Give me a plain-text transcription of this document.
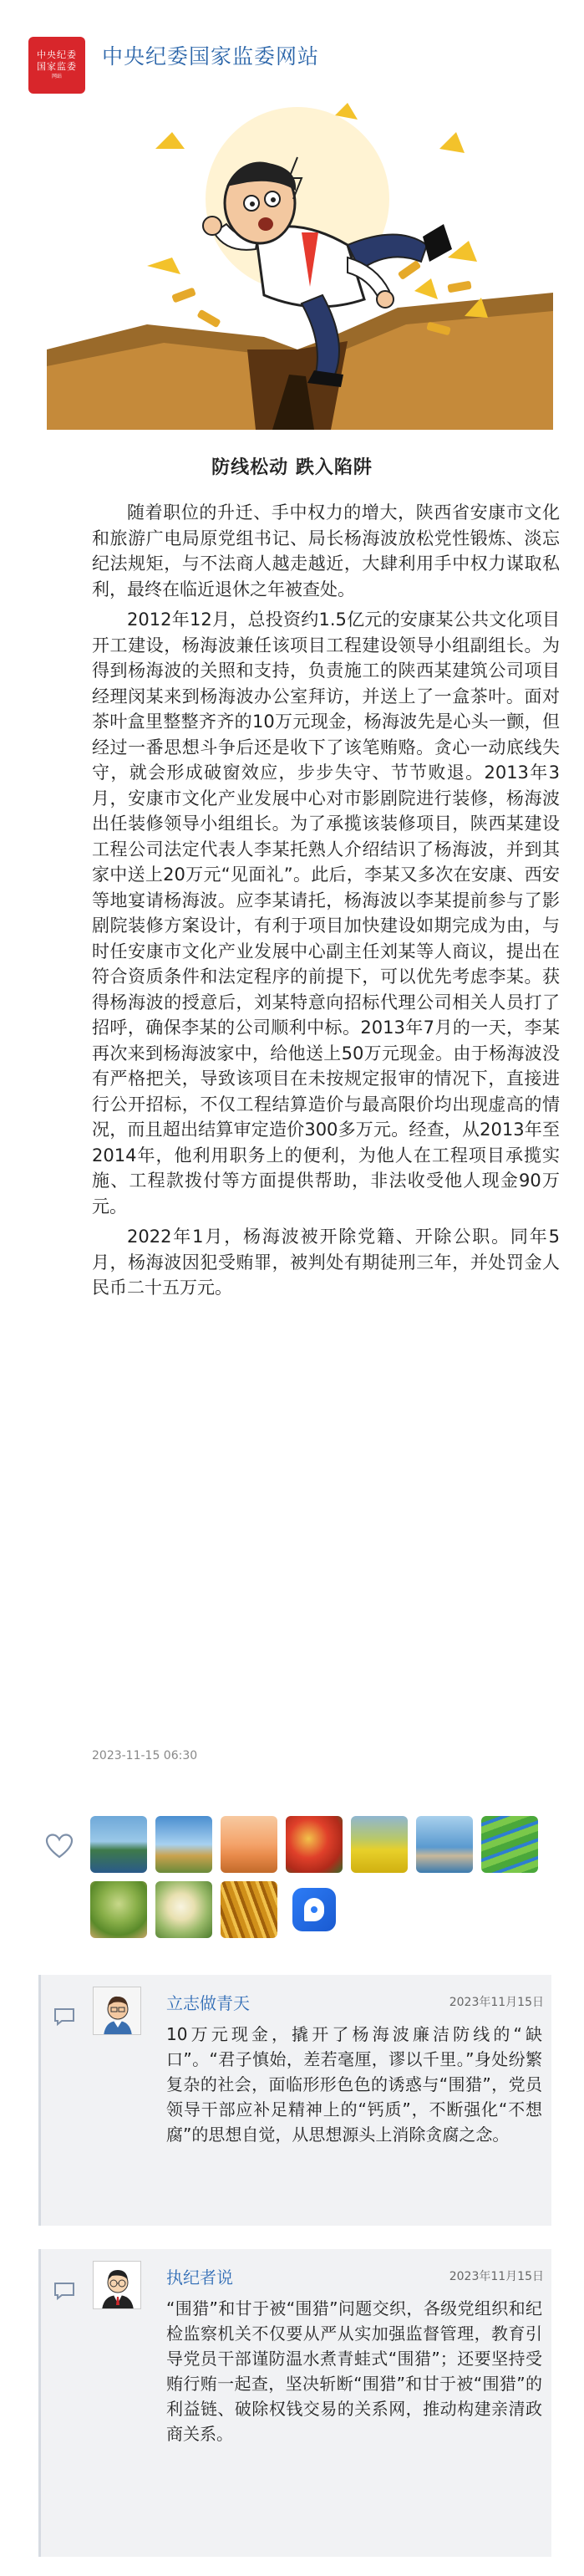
中央纪委
国家监委
网站
中央纪委国家监委网站
防线松动 跌入陷阱

随着职位的升迁、手中权力的增大，陕西省安康市文化和旅游广电局原党组书记、局长杨海波放松党性锻炼、淡忘纪法规矩，与不法商人越走越近，大肆利用手中权力谋取私利，最终在临近退休之年被查处。

2012年12月，总投资约1.5亿元的安康某公共文化项目开工建设，杨海波兼任该项目工程建设领导小组副组长。为得到杨海波的关照和支持，负责施工的陕西某建筑公司项目经理闵某来到杨海波办公室拜访，并送上了一盒茶叶。面对茶叶盒里整整齐齐的10万元现金，杨海波先是心头一颤，但经过一番思想斗争后还是收下了该笔贿赂。贪心一动底线失守，就会形成破窗效应，步步失守、节节败退。2013年3月，安康市文化产业发展中心对市影剧院进行装修，杨海波出任装修领导小组组长。为了承揽该装修项目，陕西某建设工程公司法定代表人李某托熟人介绍结识了杨海波，并到其家中送上20万元“见面礼”。此后，李某又多次在安康、西安等地宴请杨海波。应李某请托，杨海波以李某提前参与了影剧院装修方案设计，有利于项目加快建设如期完成为由，与时任安康市文化产业发展中心副主任刘某等人商议，提出在符合资质条件和法定程序的前提下，可以优先考虑李某。获得杨海波的授意后，刘某特意向招标代理公司相关人员打了招呼，确保李某的公司顺利中标。2013年7月的一天，李某再次来到杨海波家中，给他送上50万元现金。由于杨海波没有严格把关，导致该项目在未按规定报审的情况下，直接进行公开招标，不仅工程结算造价与最高限价均出现虚高的情况，而且超出结算审定造价300多万元。经查，从2013年至2014年，他利用职务上的便利，为他人在工程项目承揽实施、工程款拨付等方面提供帮助，非法收受他人现金90万元。

2022年1月，杨海波被开除党籍、开除公职。同年5月，杨海波因犯受贿罪，被判处有期徒刑三年，并处罚金人民币二十五万元。

2023-11-15 06:30
立志做青天	2023年11月15日
10万元现金，撬开了杨海波廉洁防线的“缺口”。“君子慎始，差若毫厘，谬以千里。”身处纷繁复杂的社会，面临形形色色的诱惑与“围猎”，党员领导干部应补足精神上的“钙质”，不断强化“不想腐”的思想自觉，从思想源头上消除贪腐之念。
执纪者说	2023年11月15日
“围猎”和甘于被“围猎”问题交织，各级党组织和纪检监察机关不仅要从严从实加强监督管理，教育引导党员干部谨防温水煮青蛙式“围猎”；还要坚持受贿行贿一起查，坚决斩断“围猎”和甘于被“围猎”的利益链、破除权钱交易的关系网，推动构建亲清政商关系。
